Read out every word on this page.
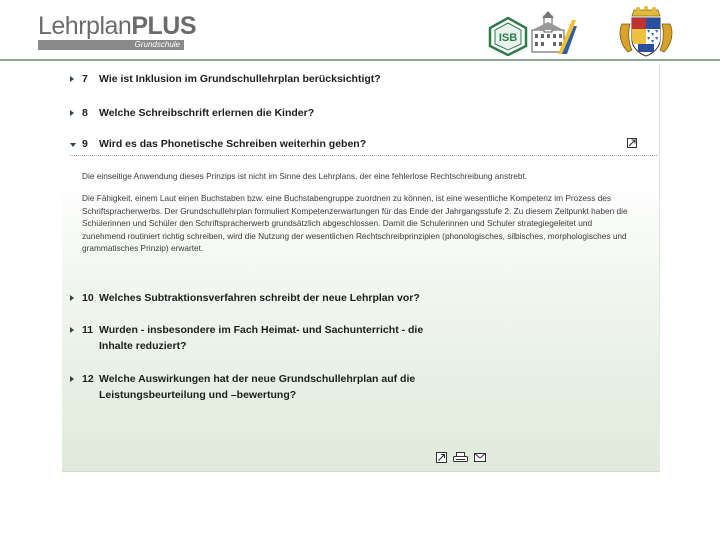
LehrplanPLUS
Grundschule
ISB
7 Wie ist Inklusion im Grundschullehrplan berücksichtigt?
8 Welche Schreibschrift erlernen die Kinder?
9 Wird es das Phonetische Schreiben weiterhin geben?

Die einseitige Anwendung dieses Prinzips ist nicht im Sinne des Lehrplans, der eine fehlerlose Rechtschreibung anstrebt.

Die Fähigkeit, einem Laut einen Buchstaben bzw. eine Buchstabengruppe zuordnen zu können, ist eine wesentliche Kompetenz im Prozess des Schriftspracherwerbs. Der Grundschullehrplan formuliert Kompetenzerwartungen für das Ende der Jahrgangsstufe 2. Zu diesem Zeitpunkt haben die Schülerinnen und Schüler den Schriftspracherwerb grundsätzlich abgeschlossen. Damit die Schulerinnen und Schuler strategiegeleitet und zunehmend routiniert richtig schreiben, wird die Nutzung der wesentlichen Rechtschreibprinzipien (phonologisches, silbisches, morphologisches und grammatisches Prinzip) erwartet.

10 Welches Subtraktionsverfahren schreibt der neue Lehrplan vor?
11 Wurden - insbesondere im Fach Heimat- und Sachunterricht - die
Inhalte reduziert?
12 Welche Auswirkungen hat der neue Grundschullehrplan auf die
Leistungsbeurteilung und –bewertung?
